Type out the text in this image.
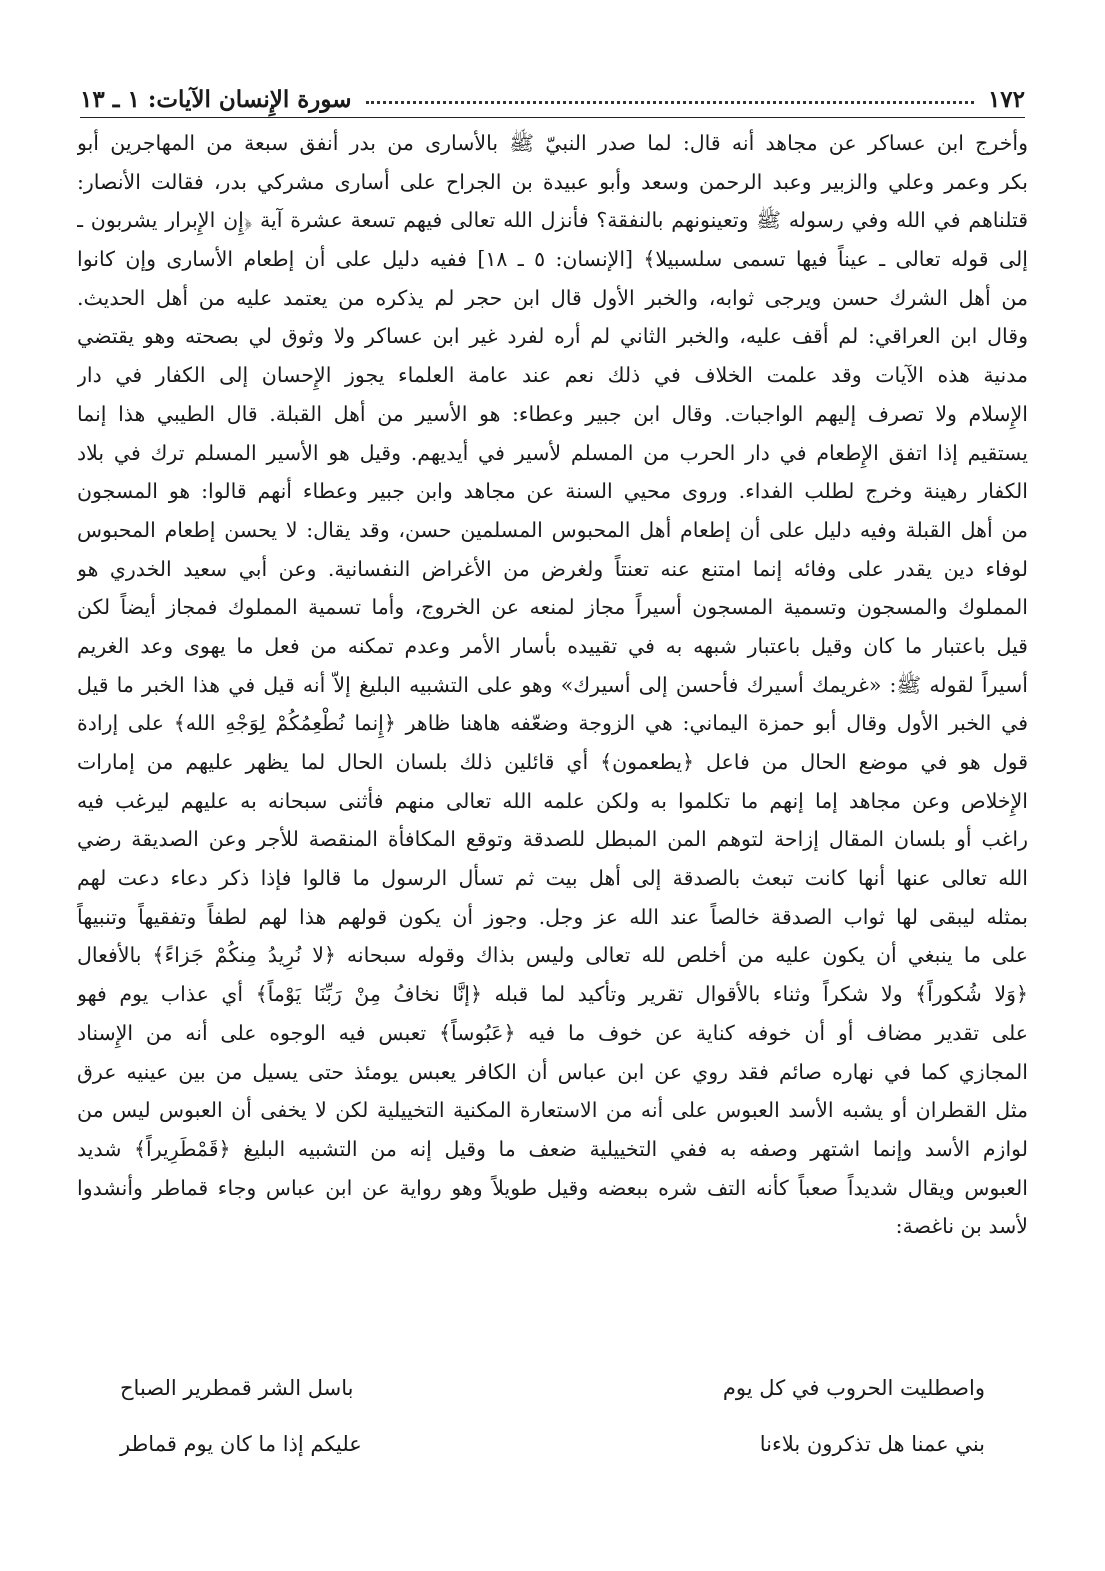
١٧٢
سورة الإِنسان الآيات: ١ ـ ١٣
وأخرج ابن عساكر عن مجاهد أنه قال: لما صدر النبيّ ﷺ بالأسارى من بدر أنفق سبعة من المهاجرين أبو
بكر وعمر وعلي والزبير وعبد الرحمن وسعد وأبو عبيدة بن الجراح على أسارى مشركي بدر، فقالت الأنصار:
قتلناهم في الله وفي رسوله ﷺ وتعينونهم بالنفقة؟ فأنزل الله تعالى فيهم تسعة عشرة آية ﴿إِن الإِبرار يشربون ـ
إلى قوله تعالى ـ عيناً فيها تسمى سلسبيلا﴾ [الإنسان: ٥ ـ ١٨] ففيه دليل على أن إطعام الأسارى وإن كانوا
من أهل الشرك حسن ويرجى ثوابه، والخبر الأول قال ابن حجر لم يذكره من يعتمد عليه من أهل الحديث.
وقال ابن العراقي: لم أقف عليه، والخبر الثاني لم أره لفرد غير ابن عساكر ولا وثوق لي بصحته وهو يقتضي
مدنية هذه الآيات وقد علمت الخلاف في ذلك نعم عند عامة العلماء يجوز الإِحسان إلى الكفار في دار
الإِسلام ولا تصرف إليهم الواجبات. وقال ابن جبير وعطاء: هو الأسير من أهل القبلة. قال الطيبي هذا إنما
يستقيم إذا اتفق الإِطعام في دار الحرب من المسلم لأسير في أيديهم. وقيل هو الأسير المسلم ترك في بلاد
الكفار رهينة وخرج لطلب الفداء. وروى محيي السنة عن مجاهد وابن جبير وعطاء أنهم قالوا: هو المسجون
من أهل القبلة وفيه دليل على أن إطعام أهل المحبوس المسلمين حسن، وقد يقال: لا يحسن إطعام المحبوس
لوفاء دين يقدر على وفائه إنما امتنع عنه تعنتاً ولغرض من الأغراض النفسانية. وعن أبي سعيد الخدري هو
المملوك والمسجون وتسمية المسجون أسيراً مجاز لمنعه عن الخروج، وأما تسمية المملوك فمجاز أيضاً لكن
قيل باعتبار ما كان وقيل باعتبار شبهه به في تقييده بأسار الأمر وعدم تمكنه من فعل ما يهوى وعد الغريم
أسيراً لقوله ﷺ: «غريمك أسيرك فأحسن إلى أسيرك» وهو على التشبيه البليغ إلاّ أنه قيل في هذا الخبر ما قيل
في الخبر الأول وقال أبو حمزة اليماني: هي الزوجة وضعّفه هاهنا ظاهر ﴿إِنما نُطْعِمُكُمْ لِوَجْهِ الله﴾ على إرادة
قول هو في موضع الحال من فاعل ﴿يطعمون﴾ أي قائلين ذلك بلسان الحال لما يظهر عليهم من إمارات
الإِخلاص وعن مجاهد إما إنهم ما تكلموا به ولكن علمه الله تعالى منهم فأثنى سبحانه به عليهم ليرغب فيه
راغب أو بلسان المقال إزاحة لتوهم المن المبطل للصدقة وتوقع المكافأة المنقصة للأجر وعن الصديقة رضي
الله تعالى عنها أنها كانت تبعث بالصدقة إلى أهل بيت ثم تسأل الرسول ما قالوا فإذا ذكر دعاء دعت لهم
بمثله ليبقى لها ثواب الصدقة خالصاً عند الله عز وجل. وجوز أن يكون قولهم هذا لهم لطفاً وتفقيهاً وتنبيهاً
على ما ينبغي أن يكون عليه من أخلص لله تعالى وليس بذاك وقوله سبحانه ﴿لا نُرِيدُ مِنكُمْ جَزاءً﴾ بالأفعال
﴿وَلا شُكوراً﴾ ولا شكراً وثناء بالأقوال تقرير وتأكيد لما قبله ﴿إنَّا نخافُ مِنْ رَبِّنَا يَوْماً﴾ أي عذاب يوم فهو
على تقدير مضاف أو أن خوفه كناية عن خوف ما فيه ﴿عَبُوساً﴾ تعبس فيه الوجوه على أنه من الإِسناد
المجازي كما في نهاره صائم فقد روي عن ابن عباس أن الكافر يعبس يومئذ حتى يسيل من بين عينيه عرق
مثل القطران أو يشبه الأسد العبوس على أنه من الاستعارة المكنية التخييلية لكن لا يخفى أن العبوس ليس من
لوازم الأسد وإنما اشتهر وصفه به ففي التخييلية ضعف ما وقيل إنه من التشبيه البليغ ﴿قَمْطَرِيراً﴾ شديد
العبوس ويقال شديداً صعباً كأنه التف شره ببعضه وقيل طويلاً وهو رواية عن ابن عباس وجاء قماطر وأنشدوا
لأسد بن ناغصة:
واصطليت الحروب في كل يوم
باسل الشر قمطرير الصباح
بني عمنا هل تذكرون بلاءنا
عليكم إذا ما كان يوم قماطر
